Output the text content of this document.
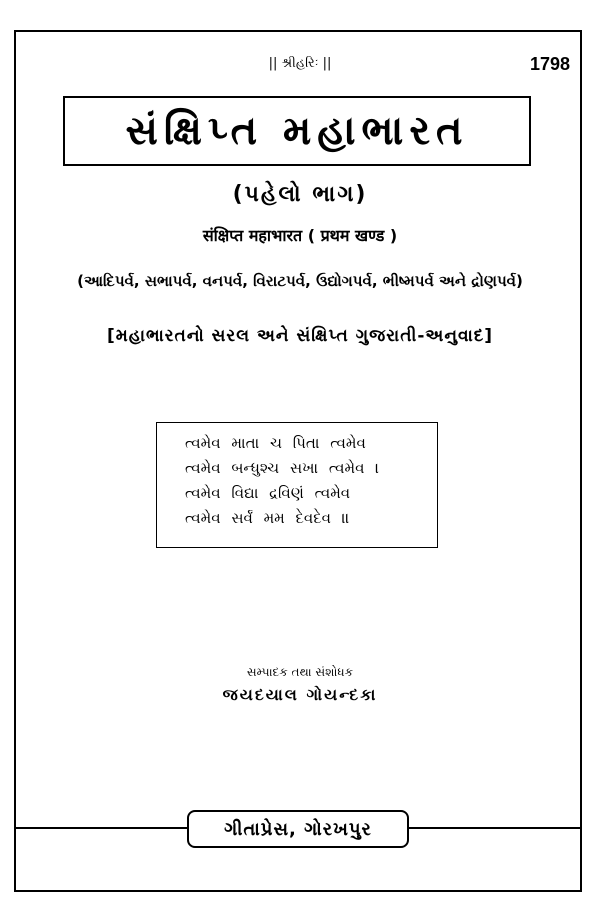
|| શ્રીહરિઃ ||	1798
સંક્ષિપ્ત મહાભારત
(પહેલો ભાગ)
संक्षिप्त महाभारत ( प्रथम खण्ड )
(આદિપર્વ, સભાપર્વ, વનપર્વ, વિરાટપર્વ, ઉદ્યોગપર્વ, ભીષ્મપર્વ અને દ્રોણપર્વ)
[મહાભારતનો સરલ અને સંક્ષિપ્ત ગુજરાતી-અનુવાદ]
ત્વમેવ માતા ચ પિતા ત્વમેવ
ત્વમેવ બન્ધુશ્ચ સખા ત્વમેવ ।
ત્વમેવ વિદ્યા દ્રવિણં ત્વમેવ
ત્વમેવ સર્વં મમ દેવદેવ ॥
સમ્પાદક તથા સંશોધક
જયદયાલ ગોયન્દકા
ગીતાપ્રેસ, ગોરખપુર
